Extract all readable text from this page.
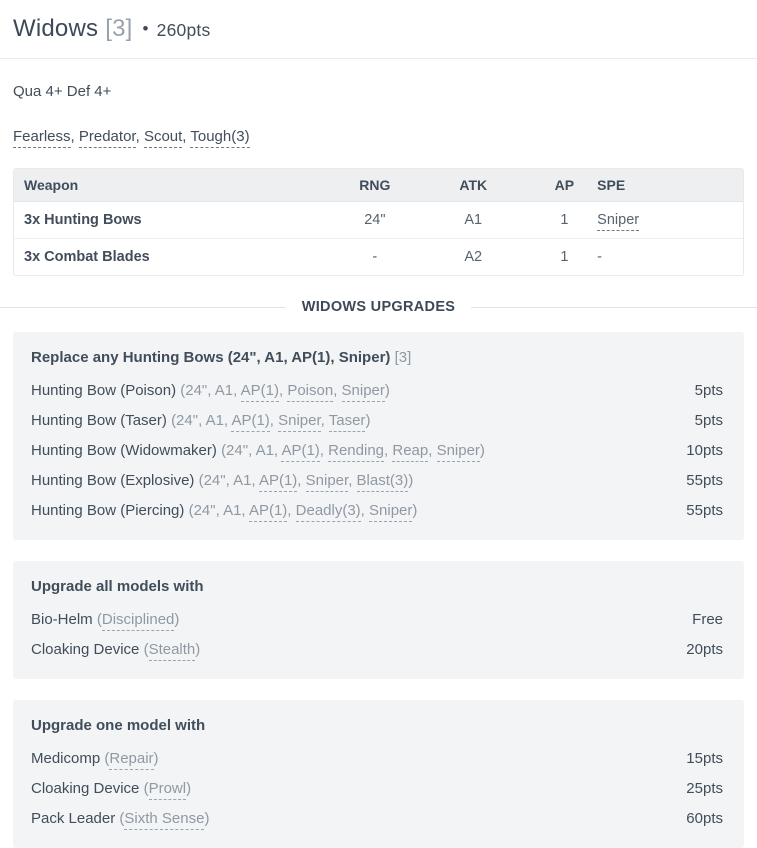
Widows [3] • 260pts
Qua 4+ Def 4+
Fearless, Predator, Scout, Tough(3)
Weapon	RNG	ATK	AP	SPE
3x Hunting Bows	24"	A1	1	Sniper
3x Combat Blades	-	A2	1	-
WIDOWS UPGRADES
Replace any Hunting Bows (24", A1, AP(1), Sniper) [3]
Hunting Bow (Poison) (24", A1, AP(1), Poison, Sniper)	5pts
Hunting Bow (Taser) (24", A1, AP(1), Sniper, Taser)	5pts
Hunting Bow (Widowmaker) (24", A1, AP(1), Rending, Reap, Sniper)	10pts
Hunting Bow (Explosive) (24", A1, AP(1), Sniper, Blast(3))	55pts
Hunting Bow (Piercing) (24", A1, AP(1), Deadly(3), Sniper)	55pts
Upgrade all models with
Bio-Helm (Disciplined)	Free
Cloaking Device (Stealth)	20pts
Upgrade one model with
Medicomp (Repair)	15pts
Cloaking Device (Prowl)	25pts
Pack Leader (Sixth Sense)	60pts
